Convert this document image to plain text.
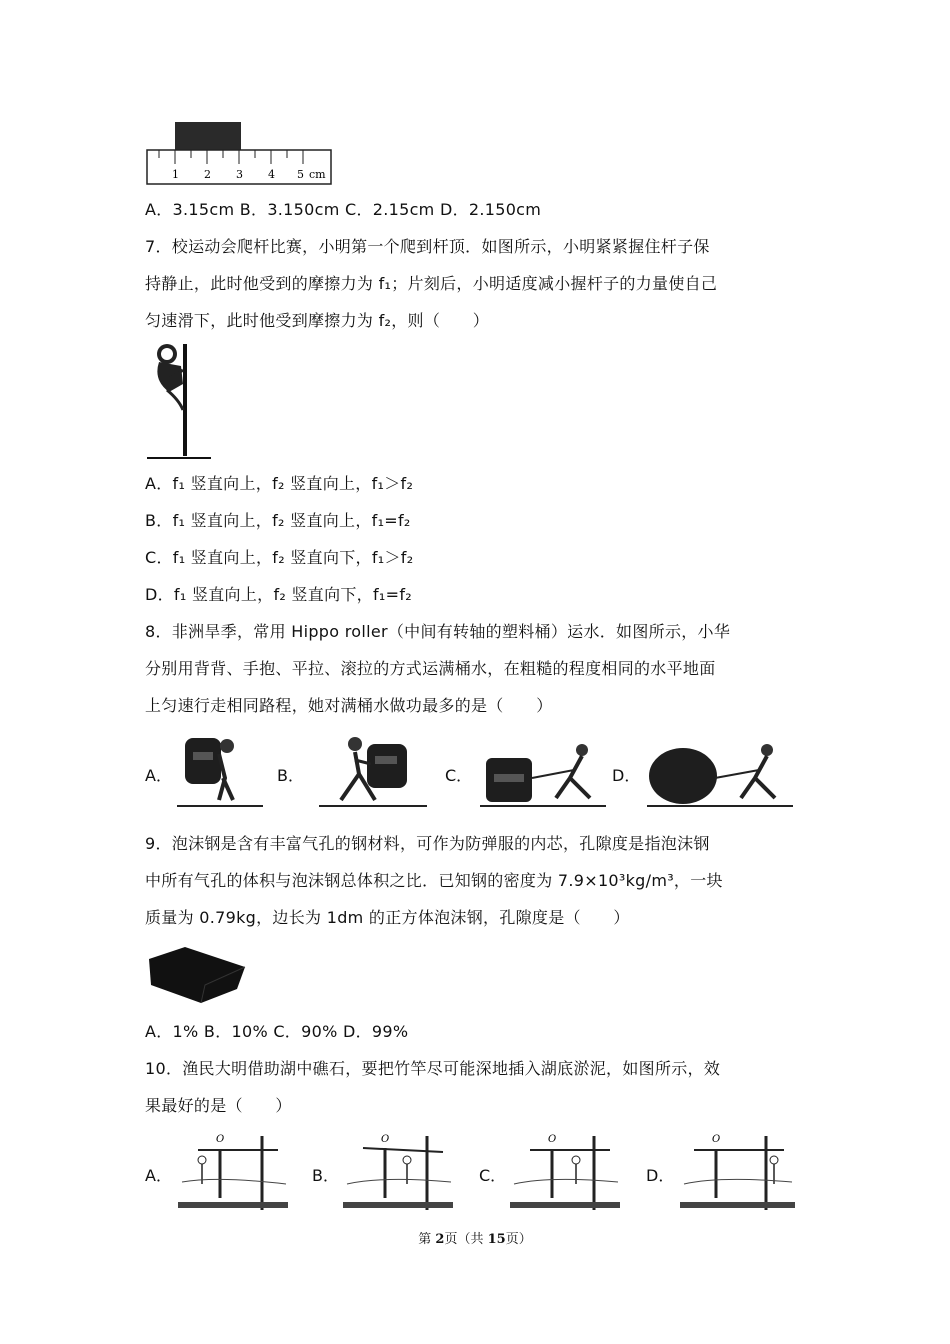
1 2 3 4 5 cm
A．3.15cm B．3.150cm C．2.15cm D．2.150cm
7．校运动会爬杆比赛，小明第一个爬到杆顶．如图所示，小明紧紧握住杆子保
持静止，此时他受到的摩擦力为 f₁；片刻后，小明适度减小握杆子的力量使自己
匀速滑下，此时他受到摩擦力为 f₂，则（　　）
A．f₁ 竖直向上，f₂ 竖直向上，f₁＞f₂
B．f₁ 竖直向上，f₂ 竖直向上，f₁=f₂
C．f₁ 竖直向上，f₂ 竖直向下，f₁＞f₂
D．f₁ 竖直向上，f₂ 竖直向下，f₁=f₂
8．非洲旱季，常用 Hippo roller（中间有转轴的塑料桶）运水．如图所示，小华
分别用背背、手抱、平拉、滚拉的方式运满桶水，在粗糙的程度相同的水平地面
上匀速行走相同路程，她对满桶水做功最多的是（　　）
A．	B．	C．	D．
9．泡沫钢是含有丰富气孔的钢材料，可作为防弹服的内芯，孔隙度是指泡沫钢
中所有气孔的体积与泡沫钢总体积之比．已知钢的密度为 7.9×10³kg/m³，一块
质量为 0.79kg，边长为 1dm 的正方体泡沫钢，孔隙度是（　　）
A．1% B．10% C．90% D．99%
10．渔民大明借助湖中礁石，要把竹竿尽可能深地插入湖底淤泥，如图所示，效
果最好的是（　　）
A．
O
B．
O
C．
O
D．
O
第 2页（共 15页）
